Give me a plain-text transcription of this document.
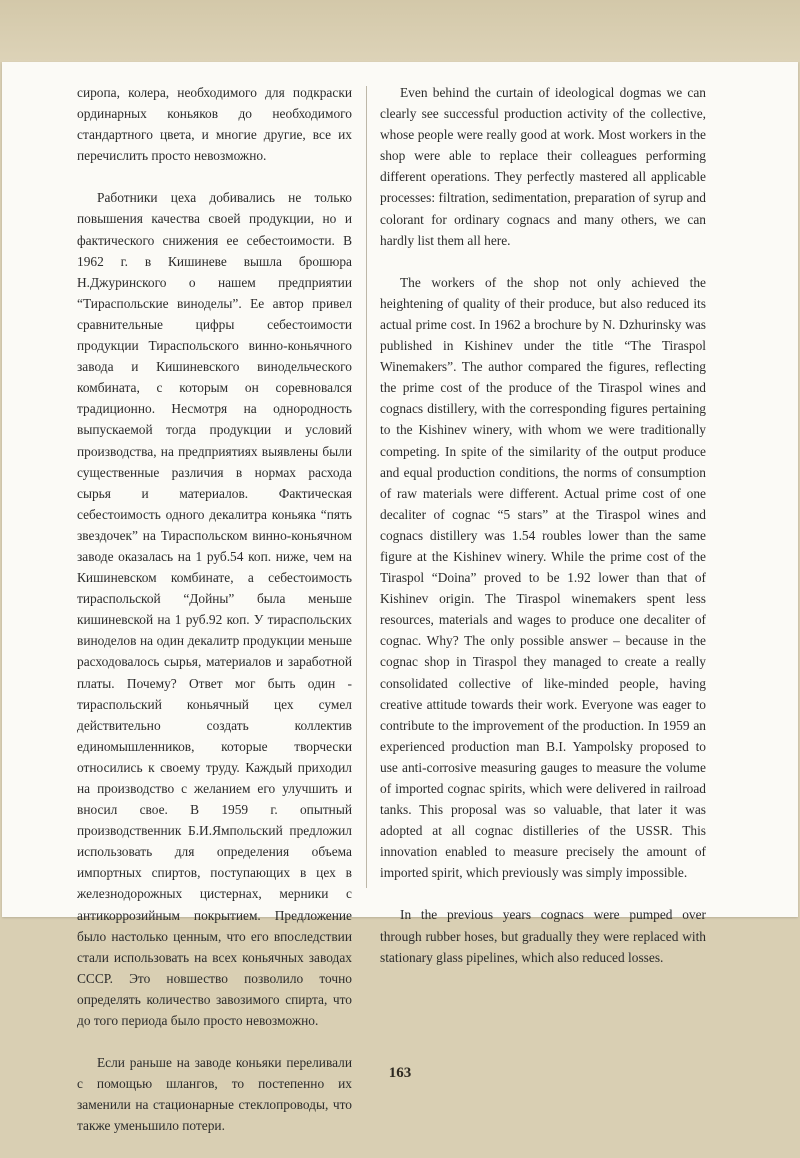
сиропа, колера, необходимого для подкраски ординарных коньяков до необходимого стандартного цвета, и многие другие, все их перечислить просто невозможно.

Работники цеха добивались не только повышения качества своей продукции, но и фактического снижения ее себестоимости. В 1962 г. в Кишиневе вышла брошюра Н.Джуринского о нашем предприятии “Тираспольские виноделы”. Ее автор привел сравнительные цифры себестоимости продукции Тираспольского винно-коньячного завода и Кишиневского винодельческого комбината, с которым он соревновался традиционно. Несмотря на однородность выпускаемой тогда продукции и условий производства, на предприятиях выявлены были существенные различия в нормах расхода сырья и материалов. Фактическая себестоимость одного декалитра коньяка “пять звездочек” на Тираспольском винно-коньячном заводе оказалась на 1 руб.54 коп. ниже, чем на Кишиневском комбинате, а себестоимость тираспольской “Дойны” была меньше кишиневской на 1 руб.92 коп. У тираспольских виноделов на один декалитр продукции меньше расходовалось сырья, материалов и заработной платы. Почему? Ответ мог быть один - тираспольский коньячный цех сумел действительно создать коллектив единомышленников, которые творчески относились к своему труду. Каждый приходил на производство с желанием его улучшить и вносил свое. В 1959 г. опытный производственник Б.И.Ямпольский предложил использовать для определения объема импортных спиртов, поступающих в цех в железнодорожных цистернах, мерники с антикоррозийным покрытием. Предложение было настолько ценным, что его впоследствии стали использовать на всех коньячных заводах СССР. Это новшество позволило точно определять количество завозимого спирта, что до того периода было просто невозможно.

Если раньше на заводе коньяки переливали с помощью шлангов, то постепенно их заменили на стационарные стеклопроводы, что также уменьшило потери.

Even behind the curtain of ideological dogmas we can clearly see successful production activity of the collective, whose people were really good at work. Most workers in the shop were able to replace their colleagues performing different operations. They perfectly mastered all applicable processes: filtration, sedimentation, preparation of syrup and colorant for ordinary cognacs and many others, we can hardly list them all here.

The workers of the shop not only achieved the heightening of quality of their produce, but also reduced its actual prime cost. In 1962 a brochure by N. Dzhurinsky was published in Kishinev under the title “The Tiraspol Winemakers”. The author compared the figures, reflecting the prime cost of the produce of the Tiraspol wines and cognacs distillery, with the corresponding figures pertaining to the Kishinev winery, with whom we were traditionally competing. In spite of the similarity of the output produce and equal production conditions, the norms of consumption of raw materials were different. Actual prime cost of one decaliter of cognac “5 stars” at the Tiraspol wines and cognacs distillery was 1.54 roubles lower than the same figure at the Kishinev winery. While the prime cost of the Tiraspol “Doina” proved to be 1.92 lower than that of Kishinev origin. The Tiraspol winemakers spent less resources, materials and wages to produce one decaliter of cognac. Why? The only possible answer – because in the cognac shop in Tiraspol they managed to create a really consolidated collective of like-minded people, having creative attitude towards their work. Everyone was eager to contribute to the improvement of the production. In 1959 an experienced production man B.I. Yampolsky proposed to use anti-corrosive measuring gauges to measure the volume of imported cognac spirits, which were delivered in railroad tanks. This proposal was so valuable, that later it was adopted at all cognac distilleries of the USSR. This innovation enabled to measure precisely the amount of imported spirit, which previously was simply impossible.

In the previous years cognacs were pumped over through rubber hoses, but gradually they were replaced with stationary glass pipelines, which also reduced losses.

163
